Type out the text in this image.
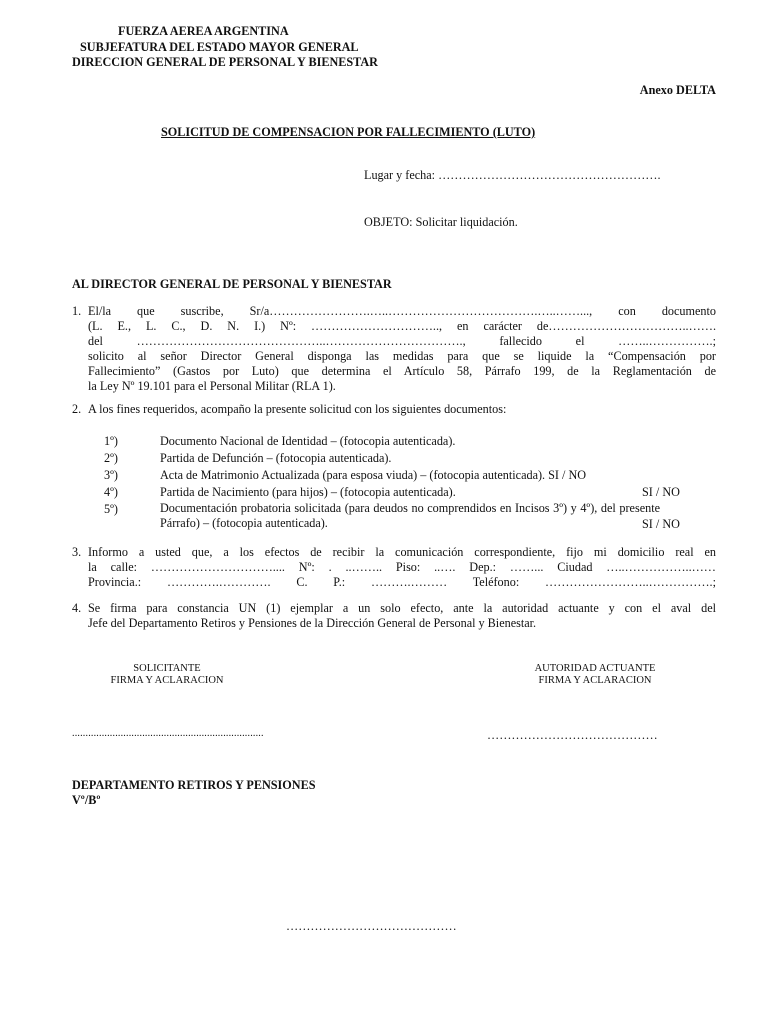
FUERZA AEREA ARGENTINA
SUBJEFATURA DEL ESTADO MAYOR GENERAL
DIRECCION GENERAL DE PERSONAL Y BIENESTAR
Anexo DELTA
SOLICITUD DE COMPENSACION POR FALLECIMIENTO (LUTO)
Lugar y fecha: ……………………………………………….
OBJETO: Solicitar liquidación.
AL DIRECTOR GENERAL DE PERSONAL Y BIENESTAR
1. El/la que suscribe, Sr/a…………………….…..……………………………….…..……..., con documento
(L. E., L. C., D. N. I.) Nº: ………………………….., en carácter de……………………………..…….
del ………………………………………..……………………………., fallecido el ……..…………….;
solicito al señor Director General disponga las medidas para que se liquide la “Compensación por
Fallecimiento” (Gastos por Luto) que determina el Artículo 58, Párrafo 199, de la Reglamentación de
la Ley Nº 19.101 para el Personal Militar (RLA 1).
2. A los fines requeridos, acompaño la presente solicitud con los siguientes documentos:
1º)	Documento Nacional de Identidad – (fotocopia autenticada).
2º)	Partida de Defunción – (fotocopia autenticada).
3º)	Acta de Matrimonio Actualizada (para esposa viuda) – (fotocopia autenticada). SI / NO
4º)	Partida de Nacimiento (para hijos) – (fotocopia autenticada).	SI / NO
5º)	Documentación probatoria solicitada (para deudos no comprendidos en Incisos 3º) y 4º), del presente Párrafo) – (fotocopia autenticada).	SI / NO
3. Informo a usted que, a los efectos de recibir la comunicación correspondiente, fijo mi domicilio real en
la calle: ………………………….... Nº: . ..…….. Piso: ..…. Dep.: ……... Ciudad …..……………..……
Provincia.: ………….…………. C. P.: ……….……… Teléfono: ……………………..…………….;
4. Se firma para constancia UN (1) ejemplar a un solo efecto, ante la autoridad actuante y con el aval del
Jefe del Departamento Retiros y Pensiones de la Dirección General de Personal y Bienestar.
SOLICITANTE
FIRMA Y ACLARACION
AUTORIDAD ACTUANTE
FIRMA Y ACLARACION
.......................................................................	……………………………………
DEPARTAMENTO RETIROS Y PENSIONES
Vº/Bº
……………………………………
